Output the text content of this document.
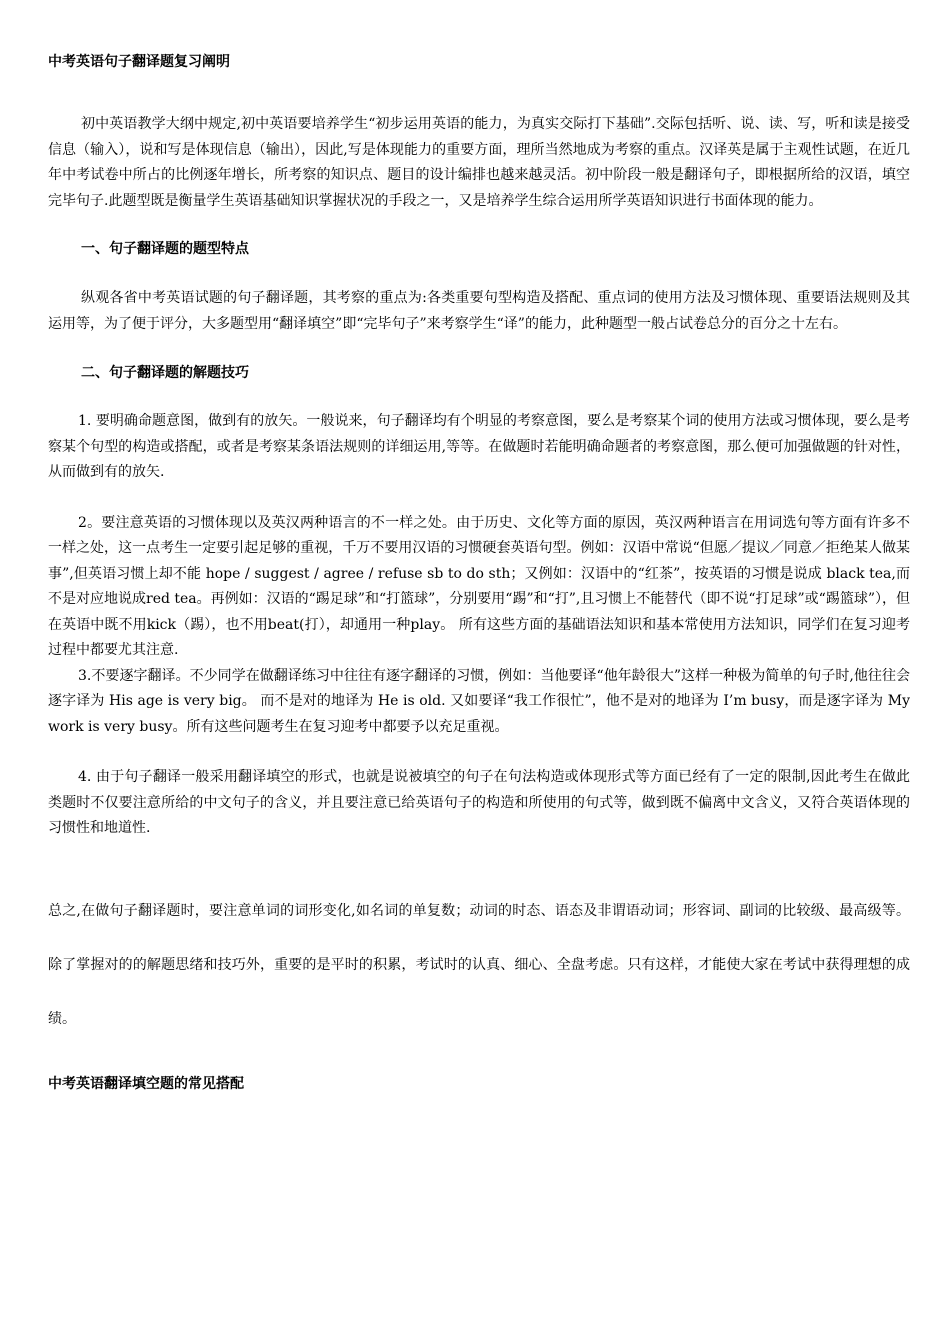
中考英语句子翻译题复习阐明

初中英语教学大纲中规定,初中英语要培养学生“初步运用英语的能力，为真实交际打下基础”.交际包括听、说、读、写，听和读是接受信息（输入），说和写是体现信息（输出），因此,写是体现能力的重要方面，理所当然地成为考察的重点。汉译英是属于主观性试题，在近几年中考试卷中所占的比例逐年增长，所考察的知识点、题目的设计编排也越来越灵活。初中阶段一般是翻译句子，即根据所给的汉语，填空完毕句子.此题型既是衡量学生英语基础知识掌握状况的手段之一，又是培养学生综合运用所学英语知识进行书面体现的能力。

一、句子翻译题的题型特点

纵观各省中考英语试题的句子翻译题，其考察的重点为:各类重要句型构造及搭配、重点词的使用方法及习惯体现、重要语法规则及其运用等，为了便于评分，大多题型用“翻译填空”即“完毕句子”来考察学生“译”的能力，此种题型一般占试卷总分的百分之十左右。

二、句子翻译题的解题技巧

1. 要明确命题意图，做到有的放矢。一般说来，句子翻译均有个明显的考察意图，要么是考察某个词的使用方法或习惯体现，要么是考察某个句型的构造或搭配，或者是考察某条语法规则的详细运用,等等。在做题时若能明确命题者的考察意图，那么便可加强做题的针对性，从而做到有的放矢.

2。要注意英语的习惯体现以及英汉两种语言的不一样之处。由于历史、文化等方面的原因，英汉两种语言在用词选句等方面有许多不一样之处，这一点考生一定要引起足够的重视，千万不要用汉语的习惯硬套英语句型。例如：汉语中常说“但愿／提议／同意／拒绝某人做某事”,但英语习惯上却不能 hope / suggest / agree / refuse sb to do sth；又例如：汉语中的“红茶”，按英语的习惯是说成 black tea,而不是对应地说成red tea。再例如：汉语的“踢足球”和“打篮球”，分别要用“踢”和“打”,且习惯上不能替代（即不说“打足球”或“踢篮球”），但在英语中既不用kick（踢），也不用beat(打），却通用一种play。 所有这些方面的基础语法知识和基本常使用方法知识，同学们在复习迎考过程中都要尤其注意.

3.不要逐字翻译。不少同学在做翻译练习中往往有逐字翻译的习惯，例如：当他要译“他年龄很大”这样一种极为简单的句子时,他往往会逐字译为 His age is very big。 而不是对的地译为 He is old. 又如要译“我工作很忙”，他不是对的地译为 I’m busy，而是逐字译为 My work is very busy。所有这些问题考生在复习迎考中都要予以充足重视。

4. 由于句子翻译一般采用翻译填空的形式，也就是说被填空的句子在句法构造或体现形式等方面已经有了一定的限制,因此考生在做此类题时不仅要注意所给的中文句子的含义，并且要注意已给英语句子的构造和所使用的句式等，做到既不偏离中文含义，又符合英语体现的习惯性和地道性.

总之,在做句子翻译题时，要注意单词的词形变化,如名词的单复数；动词的时态、语态及非谓语动词；形容词、副词的比较级、最高级等。除了掌握对的的解题思绪和技巧外，重要的是平时的积累，考试时的认真、细心、全盘考虑。只有这样，才能使大家在考试中获得理想的成绩。

中考英语翻译填空题的常见搭配
